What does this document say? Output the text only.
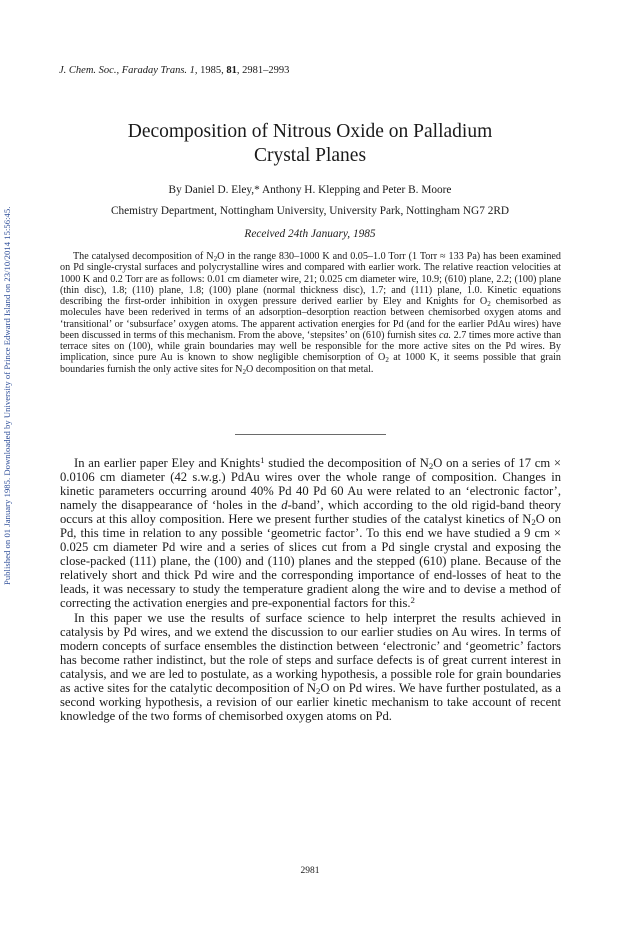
Published on 01 January 1985. Downloaded by University of Prince Edward Island on 23/10/2014 15:56:45.
J. Chem. Soc., Faraday Trans. 1, 1985, 81, 2981–2993
Decomposition of Nitrous Oxide on Palladium
Crystal Planes
By Daniel D. Eley,* Anthony H. Klepping and Peter B. Moore
Chemistry Department, Nottingham University, University Park, Nottingham NG7 2RD
Received 24th January, 1985

The catalysed decomposition of $N_2O$ in the range 830–1000 K and 0.05–1.0 Torr (1 Torr ≈ 133 Pa) has been examined on Pd single-crystal surfaces and polycrystalline wires and compared with earlier work. The relative reaction velocities at 1000 K and 0.2 Torr are as follows: 0.01 cm diameter wire, 21; 0.025 cm diameter wire, 10.9; (610) plane, 2.2; (100) plane (thin disc), 1.8; (110) plane, 1.8; (100) plane (normal thickness disc), 1.7; and (111) plane, 1.0. Kinetic equations describing the first-order inhibition in oxygen pressure derived earlier by Eley and Knights for $O_2$ chemisorbed as molecules have been rederived in terms of an adsorption–desorption reaction between chemisorbed oxygen atoms and ‘transitional’ or ‘subsurface’ oxygen atoms. The apparent activation energies for Pd (and for the earlier PdAu wires) have been discussed in terms of this mechanism. From the above, ‘stepsites’ on (610) furnish sites ca. 2.7 times more active than terrace sites on (100), while grain boundaries may well be responsible for the more active sites on the Pd wires. By implication, since pure Au is known to show negligible chemisorption of $O_2$ at 1000 K, it seems possible that grain boundaries furnish the only active sites for $N_2O$ decomposition on that metal.

In an earlier paper Eley and Knights$^1$ studied the decomposition of $N_2O$ on a series of 17 cm × 0.0106 cm diameter (42 s.w.g.) PdAu wires over the whole range of composition. Changes in kinetic parameters occurring around 40% Pd 40 Pd 60 Au were related to an ‘electronic factor’, namely the disappearance of ‘holes in the d-band’, which according to the old rigid-band theory occurs at this alloy composition. Here we present further studies of the catalyst kinetics of $N_2O$ on Pd, this time in relation to any possible ‘geometric factor’. To this end we have studied a 9 cm × 0.025 cm diameter Pd wire and a series of slices cut from a Pd single crystal and exposing the close-packed (111) plane, the (100) and (110) planes and the stepped (610) plane. Because of the relatively short and thick Pd wire and the corresponding importance of end-losses of heat to the leads, it was necessary to study the temperature gradient along the wire and to devise a method of correcting the activation energies and pre-exponential factors for this.$^2$

In this paper we use the results of surface science to help interpret the results achieved in catalysis by Pd wires, and we extend the discussion to our earlier studies on Au wires. In terms of modern concepts of surface ensembles the distinction between ‘electronic’ and ‘geometric’ factors has become rather indistinct, but the role of steps and surface defects is of great current interest in catalysis, and we are led to postulate, as a working hypothesis, a possible role for grain boundaries as active sites for the catalytic decomposition of $N_2O$ on Pd wires. We have further postulated, as a second working hypothesis, a revision of our earlier kinetic mechanism to take account of recent knowledge of the two forms of chemisorbed oxygen atoms on Pd.

2981
